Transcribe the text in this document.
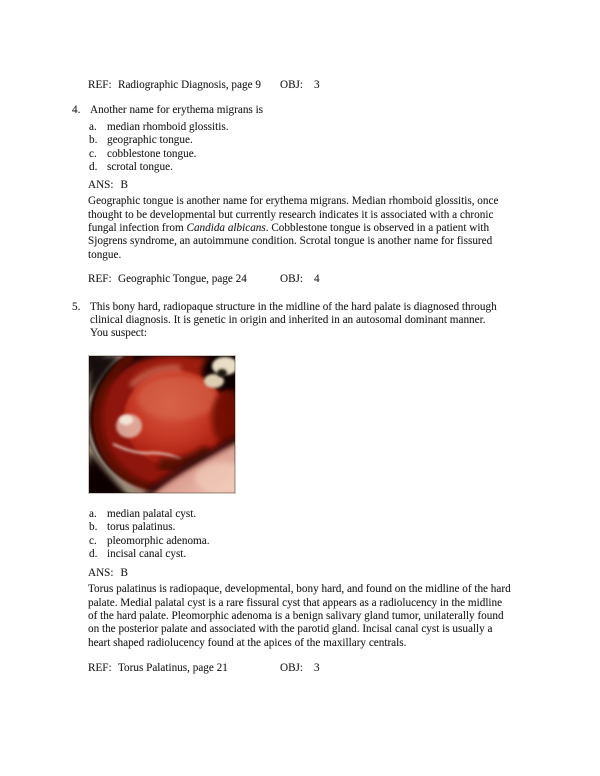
REF: Radiographic Diagnosis, page 9 OBJ: 3
4. Another name for erythema migrans is
a. median rhomboid glossitis.
b. geographic tongue.
c. cobblestone tongue.
d. scrotal tongue.
ANS: B
Geographic tongue is another name for erythema migrans. Median rhomboid glossitis, once thought to be developmental but currently research indicates it is associated with a chronic fungal infection from Candida albicans. Cobblestone tongue is observed in a patient with Sjogrens syndrome, an autoimmune condition. Scrotal tongue is another name for fissured tongue.
REF: Geographic Tongue, page 24	OBJ: 4
5. This bony hard, radiopaque structure in the midline of the hard palate is diagnosed through clinical diagnosis. It is genetic in origin and inherited in an autosomal dominant manner. You suspect:
a. median palatal cyst.
b. torus palatinus.
c. pleomorphic adenoma.
d. incisal canal cyst.
ANS: B
Torus palatinus is radiopaque, developmental, bony hard, and found on the midline of the hard palate. Medial palatal cyst is a rare fissural cyst that appears as a radiolucency in the midline of the hard palate. Pleomorphic adenoma is a benign salivary gland tumor, unilaterally found on the posterior palate and associated with the parotid gland. Incisal canal cyst is usually a heart shaped radiolucency found at the apices of the maxillary centrals.
REF: Torus Palatinus, page 21	OBJ: 3
